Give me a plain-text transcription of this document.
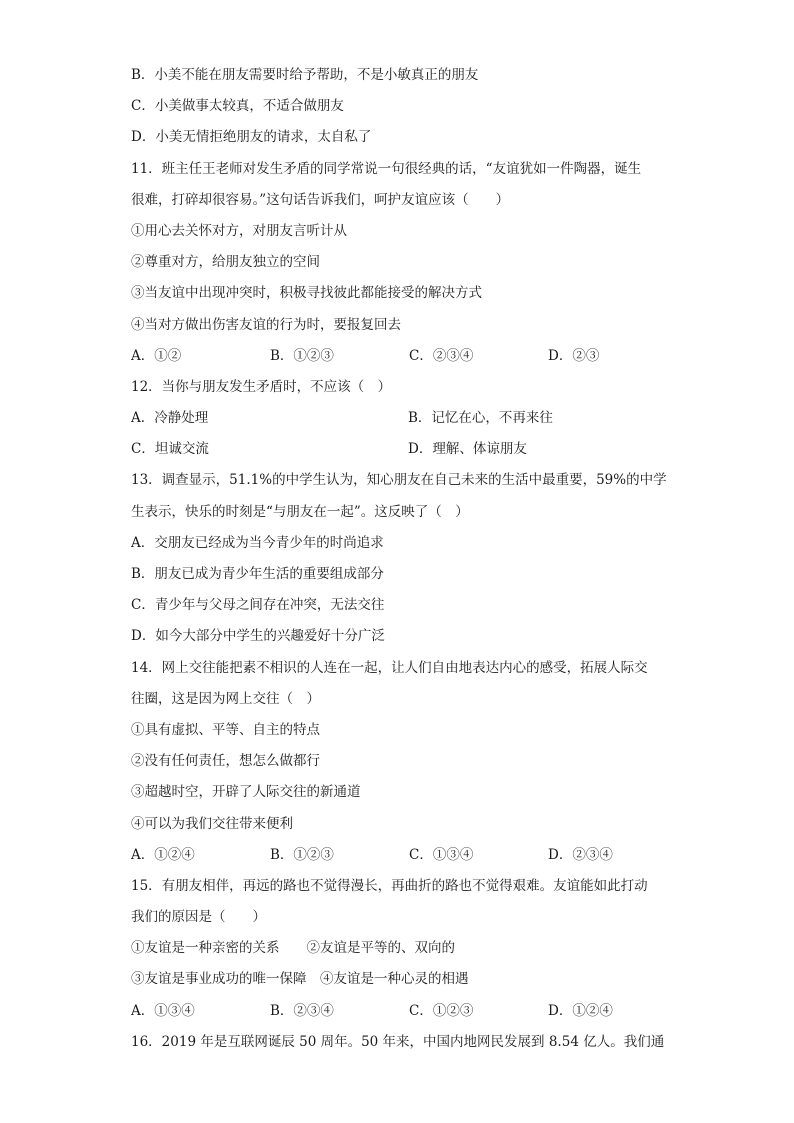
B．小美不能在朋友需要时给予帮助，不是小敏真正的朋友
C．小美做事太较真，不适合做朋友
D．小美无情拒绝朋友的请求，太自私了
11．班主任王老师对发生矛盾的同学常说一句很经典的话，“友谊犹如一件陶器，诞生
很难，打碎却很容易。”这句话告诉我们，呵护友谊应该（　　）
①用心去关怀对方，对朋友言听计从
②尊重对方，给朋友独立的空间
③当友谊中出现冲突时，积极寻找彼此都能接受的解决方式
④当对方做出伤害友谊的行为时，要报复回去
A．①②	B．①②③	C．②③④	D．②③
12．当你与朋友发生矛盾时，不应该（　）
A．冷静处理	B．记忆在心，不再来往
C．坦诚交流	D．理解、体谅朋友
13．调查显示，51.1%的中学生认为，知心朋友在自己未来的生活中最重要，59%的中学
生表示，快乐的时刻是“与朋友在一起”。这反映了（　）
A．交朋友已经成为当今青少年的时尚追求
B．朋友已成为青少年生活的重要组成部分
C．青少年与父母之间存在冲突，无法交往
D．如今大部分中学生的兴趣爱好十分广泛
14．网上交往能把素不相识的人连在一起，让人们自由地表达内心的感受，拓展人际交
往圈，这是因为网上交往（　）
①具有虚拟、平等、自主的特点
②没有任何责任，想怎么做都行
③超越时空，开辟了人际交往的新通道
④可以为我们交往带来便利
A．①②④	B．①②③	C．①③④	D．②③④
15．有朋友相伴，再远的路也不觉得漫长，再曲折的路也不觉得艰难。友谊能如此打动
我们的原因是（　　）
①友谊是一种亲密的关系　　②友谊是平等的、双向的
③友谊是事业成功的唯一保障　④友谊是一种心灵的相遇
A．①③④	B．②③④	C．①②③	D．①②④
16．2019 年是互联网诞辰 50 周年。50 年来，中国内地网民发展到 8.54 亿人。我们通
